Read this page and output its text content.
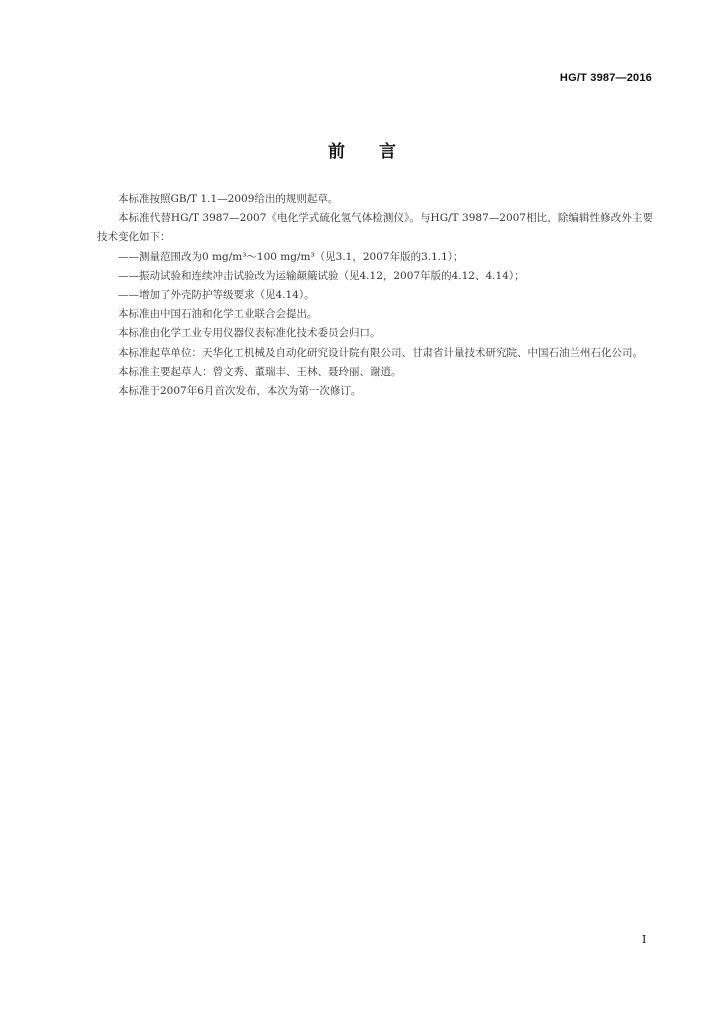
HG/T 3987—2016
前 言

本标准按照GB/T 1.1—2009给出的规则起草。

本标准代替HG/T 3987—2007《电化学式硫化氢气体检测仪》。与HG/T 3987—2007相比，除编辑性修改外主要技术变化如下：

——测量范围改为0 mg/m³～100 mg/m³（见3.1，2007年版的3.1.1）；

——振动试验和连续冲击试验改为运输颠簸试验（见4.12，2007年版的4.12、4.14）；

——增加了外壳防护等级要求（见4.14）。

本标准由中国石油和化学工业联合会提出。

本标准由化学工业专用仪器仪表标准化技术委员会归口。

本标准起草单位：天华化工机械及自动化研究设计院有限公司、甘肃省计量技术研究院、中国石油兰州石化公司。

本标准主要起草人：曾文秀、董瑞丰、王林、聂玲丽、谢逍。

本标准于2007年6月首次发布，本次为第一次修订。

I
